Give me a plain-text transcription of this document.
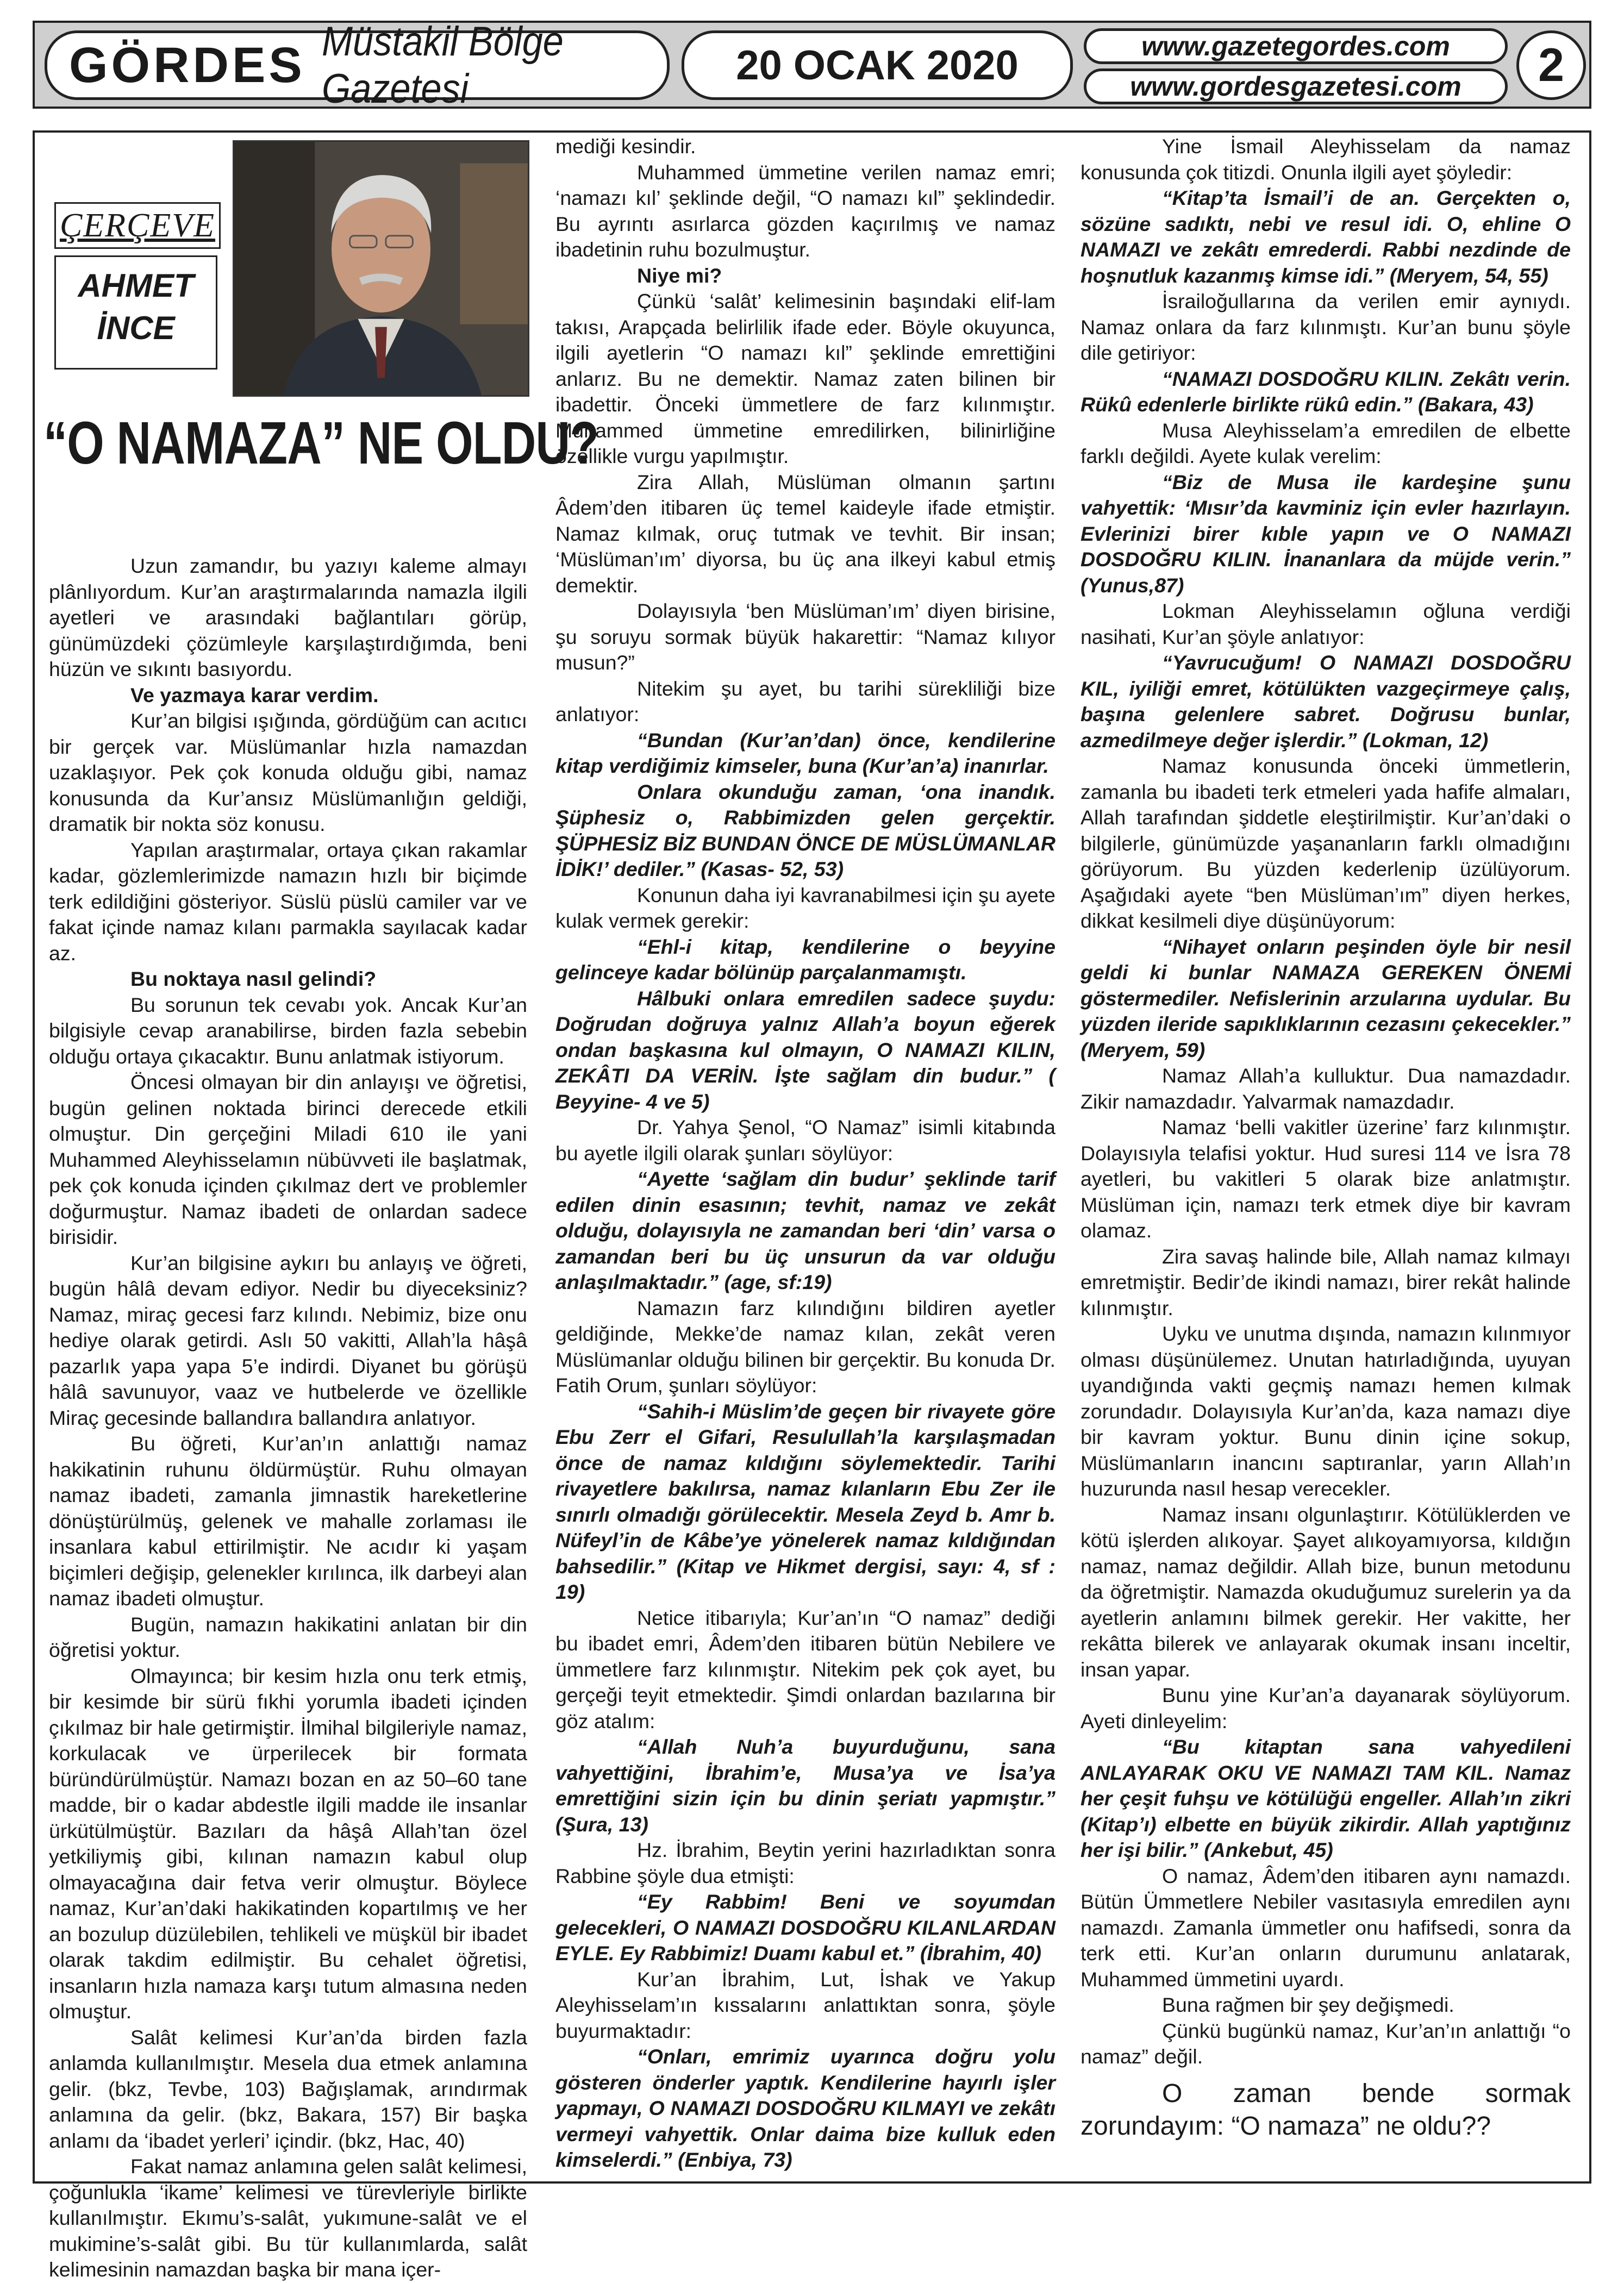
GÖRDES Müstakil Bölge Gazetesi
20 OCAK 2020	www.gazetegordes.com
www.gordesgazetesi.com	2
ÇERÇEVE
AHMET
İNCE
“O NAMAZA” NE OLDU?

Uzun zamandır, bu yazıyı kaleme almayı plânlıyordum. Kur’an araştırmalarında namazla ilgili ayetleri ve arasındaki bağlantıları görüp, günümüzdeki çözümleyle karşılaştırdığımda, beni hüzün ve sıkıntı basıyordu.

Ve yazmaya karar verdim.

Kur’an bilgisi ışığında, gördüğüm can acıtıcı bir gerçek var. Müslümanlar hızla namazdan uzaklaşıyor. Pek çok konuda olduğu gibi, namaz konusunda da Kur’ansız Müslümanlığın geldiği, dramatik bir nokta söz konusu.

Yapılan araştırmalar, ortaya çıkan rakamlar kadar, gözlemlerimizde namazın hızlı bir biçimde terk edildiğini gösteriyor. Süslü püslü camiler var ve fakat içinde namaz kılanı parmakla sayılacak kadar az.

Bu noktaya nasıl gelindi?

Bu sorunun tek cevabı yok. Ancak Kur’an bilgisiyle cevap aranabilirse, birden fazla sebebin olduğu ortaya çıkacaktır. Bunu anlatmak istiyorum.

Öncesi olmayan bir din anlayışı ve öğretisi, bugün gelinen noktada birinci derecede etkili olmuştur. Din gerçeğini Miladi 610 ile yani Muhammed Aleyhisselamın nübüvveti ile başlatmak, pek çok konuda içinden çıkılmaz dert ve problemler doğurmuştur. Namaz ibadeti de onlardan sadece birisidir.

Kur’an bilgisine aykırı bu anlayış ve öğreti, bugün hâlâ devam ediyor. Nedir bu diyeceksiniz? Namaz, miraç gecesi farz kılındı. Nebimiz, bize onu hediye olarak getirdi. Aslı 50 vakitti, Allah’la hâşâ pazarlık yapa yapa 5’e indirdi. Diyanet bu görüşü hâlâ savunuyor, vaaz ve hutbelerde ve özellikle Miraç gecesinde ballandıra ballandıra anlatıyor.

Bu öğreti, Kur’an’ın anlattığı namaz hakikatinin ruhunu öldürmüştür. Ruhu olmayan namaz ibadeti, zamanla jimnastik hareketlerine dönüştürülmüş, gelenek ve mahalle zorlaması ile insanlara kabul ettirilmiştir. Ne acıdır ki yaşam biçimleri değişip, gelenekler kırılınca, ilk darbeyi alan namaz ibadeti olmuştur.

Bugün, namazın hakikatini anlatan bir din öğretisi yoktur.

Olmayınca; bir kesim hızla onu terk etmiş, bir kesimde bir sürü fıkhi yorumla ibadeti içinden çıkılmaz bir hale getirmiştir. İlmihal bilgileriyle namaz, korkulacak ve ürperilecek bir formata büründürülmüştür. Namazı bozan en az 50–60 tane madde, bir o kadar abdestle ilgili madde ile insanlar ürkütülmüştür. Bazıları da hâşâ Allah’tan özel yetkiliymiş gibi, kılınan namazın kabul olup olmayacağına dair fetva verir olmuştur. Böylece namaz, Kur’an’daki hakikatinden kopartılmış ve her an bozulup düzülebilen, tehlikeli ve müşkül bir ibadet olarak takdim edilmiştir. Bu cehalet öğretisi, insanların hızla namaza karşı tutum almasına neden olmuştur.

Salât kelimesi Kur’an’da birden fazla anlamda kullanılmıştır. Mesela dua etmek anlamına gelir. (bkz, Tevbe, 103) Bağışlamak, arındırmak anlamına da gelir. (bkz, Bakara, 157) Bir başka anlamı da ‘ibadet yerleri’ içindir. (bkz, Hac, 40)

Fakat namaz anlamına gelen salât kelimesi, çoğunlukla ‘ikame’ kelimesi ve türevleriyle birlikte kullanılmıştır. Ekımu’s-salât, yukımune-salât ve el mukimine’s-salât gibi. Bu tür kullanımlarda, salât kelimesinin namazdan başka bir mana içer-

mediği kesindir.

Muhammed ümmetine verilen namaz emri; ‘namazı kıl’ şeklinde değil, “O namazı kıl” şeklindedir. Bu ayrıntı asırlarca gözden kaçırılmış ve namaz ibadetinin ruhu bozulmuştur.

Niye mi?

Çünkü ‘salât’ kelimesinin başındaki elif-lam takısı, Arapçada belirlilik ifade eder. Böyle okuyunca, ilgili ayetlerin “O namazı kıl” şeklinde emrettiğini anlarız. Bu ne demektir. Namaz zaten bilinen bir ibadettir. Önceki ümmetlere de farz kılınmıştır. Muhammed ümmetine emredilirken, bilinirliğine özellikle vurgu yapılmıştır.

Zira Allah, Müslüman olmanın şartını Âdem’den itibaren üç temel kaideyle ifade etmiştir. Namaz kılmak, oruç tutmak ve tevhit. Bir insan; ‘Müslüman’ım’ diyorsa, bu üç ana ilkeyi kabul etmiş demektir.

Dolayısıyla ‘ben Müslüman’ım’ diyen birisine, şu soruyu sormak büyük hakarettir: “Namaz kılıyor musun?”

Nitekim şu ayet, bu tarihi sürekliliği bize anlatıyor:

“Bundan (Kur’an’dan) önce, kendilerine kitap verdiğimiz kimseler, buna (Kur’an’a) inanırlar.

Onlara okunduğu zaman, ‘ona inandık. Şüphesiz o, Rabbimizden gelen gerçektir. ŞÜPHESİZ BİZ BUNDAN ÖNCE DE MÜSLÜMANLAR İDİK!’ dediler.” (Kasas- 52, 53)

Konunun daha iyi kavranabilmesi için şu ayete kulak vermek gerekir:

“Ehl-i kitap, kendilerine o beyyine gelinceye kadar bölünüp parçalanmamıştı.

Hâlbuki onlara emredilen sadece şuydu: Doğrudan doğruya yalnız Allah’a boyun eğerek ondan başkasına kul olmayın, O NAMAZI KILIN, ZEKÂTI DA VERİN. İşte sağlam din budur.” ( Beyyine- 4 ve 5)

Dr. Yahya Şenol, “O Namaz” isimli kitabında bu ayetle ilgili olarak şunları söylüyor:

“Ayette ‘sağlam din budur’ şeklinde tarif edilen dinin esasının; tevhit, namaz ve zekât olduğu, dolayısıyla ne zamandan beri ‘din’ varsa o zamandan beri bu üç unsurun da var olduğu anlaşılmaktadır.” (age, sf:19)

Namazın farz kılındığını bildiren ayetler geldiğinde, Mekke’de namaz kılan, zekât veren Müslümanlar olduğu bilinen bir gerçektir. Bu konuda Dr. Fatih Orum, şunları söylüyor:

“Sahih-i Müslim’de geçen bir rivayete göre Ebu Zerr el Gifari, Resulullah’la karşılaşmadan önce de namaz kıldığını söylemektedir. Tarihi rivayetlere bakılırsa, namaz kılanların Ebu Zer ile sınırlı olmadığı görülecektir. Mesela Zeyd b. Amr b. Nüfeyl’in de Kâbe’ye yönelerek namaz kıldığından bahsedilir.” (Kitap ve Hikmet dergisi, sayı: 4, sf : 19)

Netice itibarıyla; Kur’an’ın “O namaz” dediği bu ibadet emri, Âdem’den itibaren bütün Nebilere ve ümmetlere farz kılınmıştır. Nitekim pek çok ayet, bu gerçeği teyit etmektedir. Şimdi onlardan bazılarına bir göz atalım:

“Allah Nuh’a buyurduğunu, sana vahyettiğini, İbrahim’e, Musa’ya ve İsa’ya emrettiğini sizin için bu dinin şeriatı yapmıştır.” (Şura, 13)

Hz. İbrahim, Beytin yerini hazırladıktan sonra Rabbine şöyle dua etmişti:

“Ey Rabbim! Beni ve soyumdan gelecekleri, O NAMAZI DOSDOĞRU KILANLARDAN EYLE. Ey Rabbimiz! Duamı kabul et.” (İbrahim, 40)

Kur’an İbrahim, Lut, İshak ve Yakup Aleyhisselam’ın kıssalarını anlattıktan sonra, şöyle buyurmaktadır:

“Onları, emrimiz uyarınca doğru yolu gösteren önderler yaptık. Kendilerine hayırlı işler yapmayı, O NAMAZI DOSDOĞRU KILMAYI ve zekâtı vermeyi vahyettik. Onlar daima bize kulluk eden kimselerdi.” (Enbiya, 73)

Yine İsmail Aleyhisselam da namaz konusunda çok titizdi. Onunla ilgili ayet şöyledir:

“Kitap’ta İsmail’i de an. Gerçekten o, sözüne sadıktı, nebi ve resul idi. O, ehline O NAMAZI ve zekâtı emrederdi. Rabbi nezdinde de hoşnutluk kazanmış kimse idi.” (Meryem, 54, 55)

İsrailoğullarına da verilen emir aynıydı. Namaz onlara da farz kılınmıştı. Kur’an bunu şöyle dile getiriyor:

“NAMAZI DOSDOĞRU KILIN. Zekâtı verin. Rükû edenlerle birlikte rükû edin.” (Bakara, 43)

Musa Aleyhisselam’a emredilen de elbette farklı değildi. Ayete kulak verelim:

“Biz de Musa ile kardeşine şunu vahyettik: ‘Mısır’da kavminiz için evler hazırlayın. Evlerinizi birer kıble yapın ve O NAMAZI DOSDOĞRU KILIN. İnananlara da müjde verin.” (Yunus,87)

Lokman Aleyhisselamın oğluna verdiği nasihati, Kur’an şöyle anlatıyor:

“Yavrucuğum! O NAMAZI DOSDOĞRU KIL, iyiliği emret, kötülükten vazgeçirmeye çalış, başına gelenlere sabret. Doğrusu bunlar, azmedilmeye değer işlerdir.” (Lokman, 12)

Namaz konusunda önceki ümmetlerin, zamanla bu ibadeti terk etmeleri yada hafife almaları, Allah tarafından şiddetle eleştirilmiştir. Kur’an’daki o bilgilerle, günümüzde yaşananların farklı olmadığını görüyorum. Bu yüzden kederlenip üzülüyorum. Aşağıdaki ayete “ben Müslüman’ım” diyen herkes, dikkat kesilmeli diye düşünüyorum:

“Nihayet onların peşinden öyle bir nesil geldi ki bunlar NAMAZA GEREKEN ÖNEMİ göstermediler. Nefislerinin arzularına uydular. Bu yüzden ileride sapıklıklarının cezasını çekecekler.” (Meryem, 59)

Namaz Allah’a kulluktur. Dua namazdadır. Zikir namazdadır. Yalvarmak namazdadır.

Namaz ‘belli vakitler üzerine’ farz kılınmıştır. Dolayısıyla telafisi yoktur. Hud suresi 114 ve İsra 78 ayetleri, bu vakitleri 5 olarak bize anlatmıştır. Müslüman için, namazı terk etmek diye bir kavram olamaz.

Zira savaş halinde bile, Allah namaz kılmayı emretmiştir. Bedir’de ikindi namazı, birer rekât halinde kılınmıştır.

Uyku ve unutma dışında, namazın kılınmıyor olması düşünülemez. Unutan hatırladığında, uyuyan uyandığında vakti geçmiş namazı hemen kılmak zorundadır. Dolayısıyla Kur’an’da, kaza namazı diye bir kavram yoktur. Bunu dinin içine sokup, Müslümanların inancını saptıranlar, yarın Allah’ın huzurunda nasıl hesap verecekler.

Namaz insanı olgunlaştırır. Kötülüklerden ve kötü işlerden alıkoyar. Şayet alıkoyamıyorsa, kıldığın namaz, namaz değildir. Allah bize, bunun metodunu da öğretmiştir. Namazda okuduğumuz surelerin ya da ayetlerin anlamını bilmek gerekir. Her vakitte, her rekâtta bilerek ve anlayarak okumak insanı inceltir, insan yapar.

Bunu yine Kur’an’a dayanarak söylüyorum. Ayeti dinleyelim:

“Bu kitaptan sana vahyedileni ANLAYARAK OKU VE NAMAZI TAM KIL. Namaz her çeşit fuhşu ve kötülüğü engeller. Allah’ın zikri (Kitap’ı) elbette en büyük zikirdir. Allah yaptığınız her işi bilir.” (Ankebut, 45)

O namaz, Âdem’den itibaren aynı namazdı. Bütün Ümmetlere Nebiler vasıtasıyla emredilen aynı namazdı. Zamanla ümmetler onu hafifsedi, sonra da terk etti. Kur’an onların durumunu anlatarak, Muhammed ümmetini uyardı.

Buna rağmen bir şey değişmedi.

Çünkü bugünkü namaz, Kur’an’ın anlattığı “o namaz” değil.

O zaman bende sormak zorundayım: “O namaza” ne oldu??
